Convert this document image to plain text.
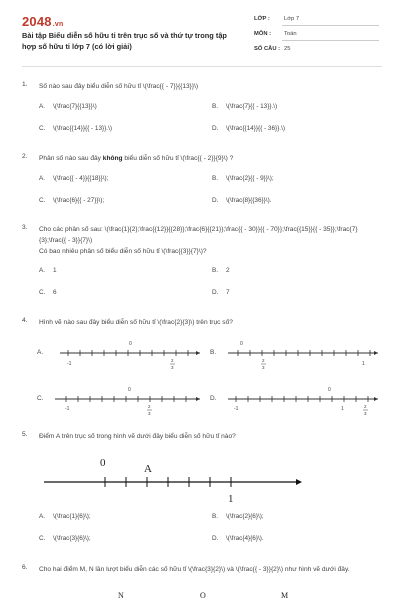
2048.vn
Bài tập Biểu diễn số hữu tỉ trên trục số và thứ tự trong tập hợp số hữu tỉ lớp 7 (có lời giải)
LỚP : Lớp 7
MÔN : Toán
SỐ CÂU : 25
1. Số nào sau đây biểu diễn số hữu tỉ \(\frac{{ - 7}}{{13}}\)
A. \(\frac{7}{{13}}\)	B. \(\frac{7}{{ - 13}}.\)
C. \(\frac{{14}}{{ - 13}}.\)	D. \(\frac{{14}}{{ - 36}}.\)
2. Phân số nào sau đây không biểu diễn số hữu tỉ \(\frac{{ - 2}}{9}\) ?
A. \(\frac{{ - 4}}{{18}}\);	B. \(\frac{2}{{ - 9}}\);
C. \(\frac{6}{{ - 27}}\);	D. \(\frac{8}{{36}}\).
3. Cho các phân số sau: \(\frac{1}{2};\frac{{12}}{{28}};\frac{6}{{21}};\frac{{ - 30}}{{ - 70}};\frac{{15}}{{ - 35}};\frac{7}{3};\frac{{ - 3}}{7}\)
Có bao nhiêu phân số biểu diễn số hữu tỉ \(\frac{{3}}{7}\)?
A. 1	B. 2
C. 6	D. 7
4. Hình vẽ nào sau đây biểu diễn số hữu tỉ \(\frac{2}{3}\) trên trục số?
A.
-1
0
2
3
B.
0
2
3
1
C.
-1
0
2
3
D.
-1
0
1	2
3
5. Điểm A trên trục số trong hình vẽ dưới đây biểu diễn số hữu tỉ nào?
0	A
1
A. \(\frac{1}{6}\);	B. \(\frac{2}{6}\);
C. \(\frac{3}{6}\);	D. \(\frac{4}{6}\).
6. Cho hai điểm M, N lần lượt biểu diễn các số hữu tỉ \(\frac{3}{2}\) và \(\frac{{ - 3}}{2}\) như hình vẽ dưới đây.
N	O	M
